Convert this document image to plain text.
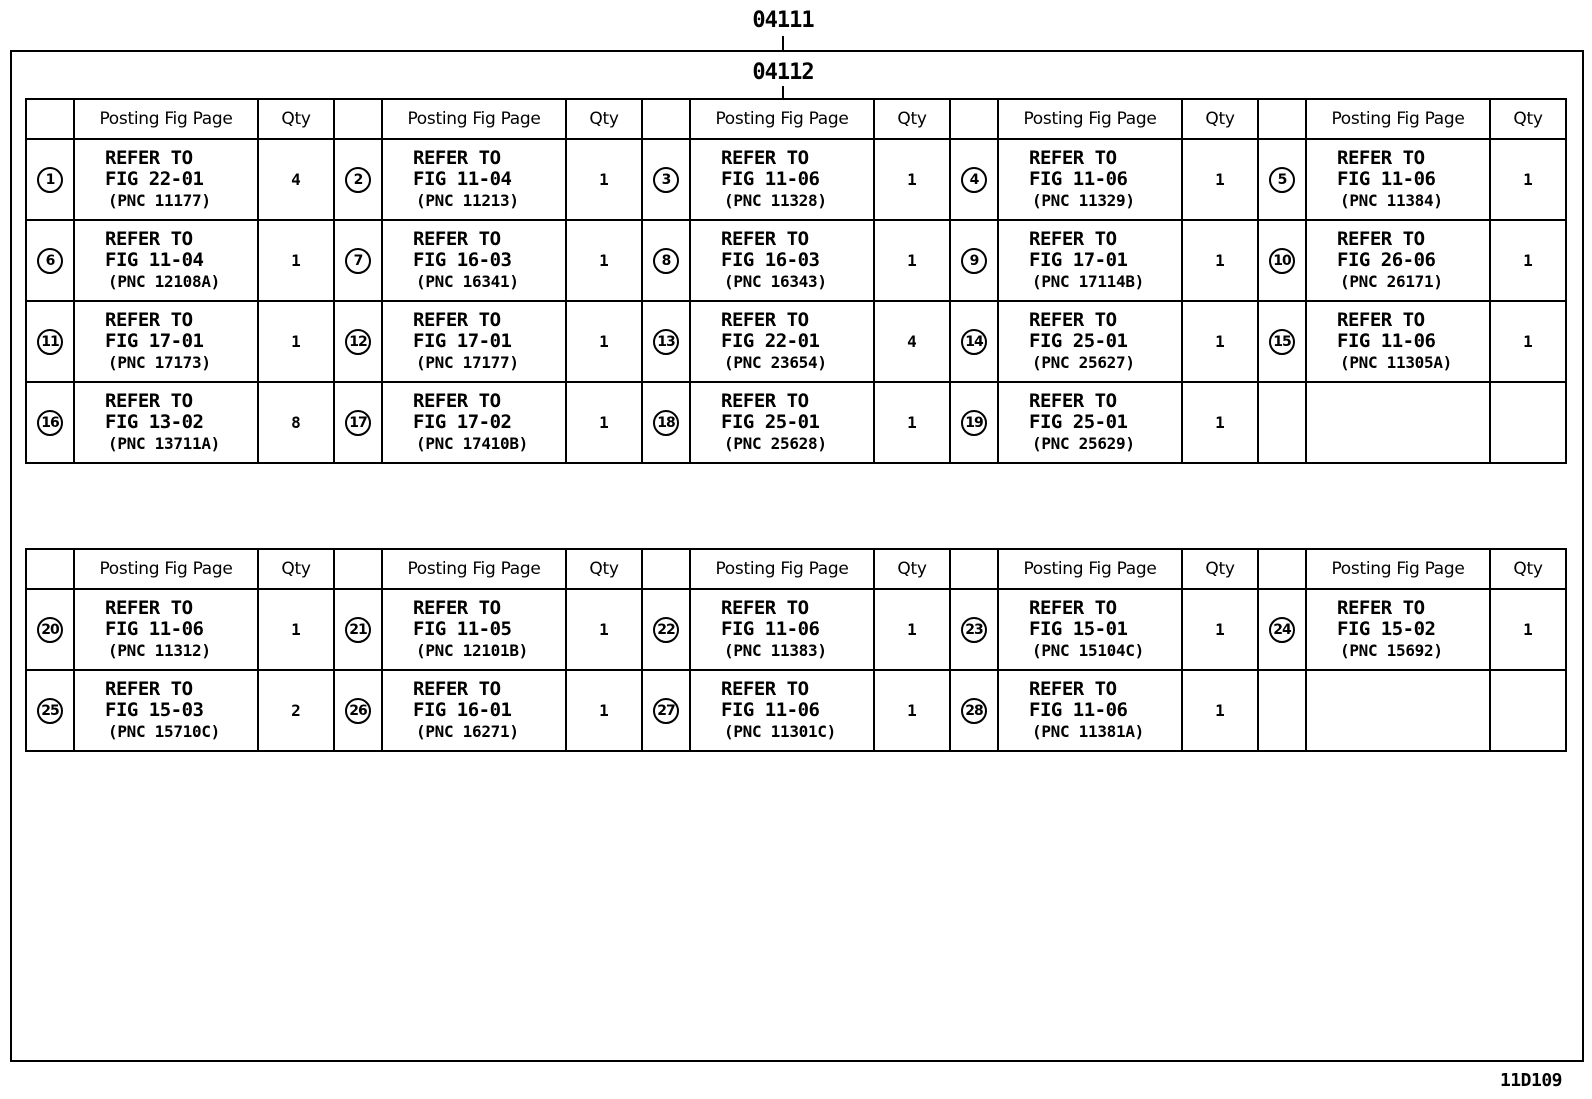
04111
04112
	Posting Fig Page	Qty		Posting Fig Page	Qty		Posting Fig Page	Qty		Posting Fig Page	Qty		Posting Fig Page	Qty
1	REFER TO
FIG 22-01
(PNC 11177)	4	2	REFER TO
FIG 11-04
(PNC 11213)	1	3	REFER TO
FIG 11-06
(PNC 11328)	1	4	REFER TO
FIG 11-06
(PNC 11329)	1	5	REFER TO
FIG 11-06
(PNC 11384)	1
6	REFER TO
FIG 11-04
(PNC 12108A)	1	7	REFER TO
FIG 16-03
(PNC 16341)	1	8	REFER TO
FIG 16-03
(PNC 16343)	1	9	REFER TO
FIG 17-01
(PNC 17114B)	1	10	REFER TO
FIG 26-06
(PNC 26171)	1
11	REFER TO
FIG 17-01
(PNC 17173)	1	12	REFER TO
FIG 17-01
(PNC 17177)	1	13	REFER TO
FIG 22-01
(PNC 23654)	4	14	REFER TO
FIG 25-01
(PNC 25627)	1	15	REFER TO
FIG 11-06
(PNC 11305A)	1
16	REFER TO
FIG 13-02
(PNC 13711A)	8	17	REFER TO
FIG 17-02
(PNC 17410B)	1	18	REFER TO
FIG 25-01
(PNC 25628)	1	19	REFER TO
FIG 25-01
(PNC 25629)	1			
	Posting Fig Page	Qty		Posting Fig Page	Qty		Posting Fig Page	Qty		Posting Fig Page	Qty		Posting Fig Page	Qty
20	REFER TO
FIG 11-06
(PNC 11312)	1	21	REFER TO
FIG 11-05
(PNC 12101B)	1	22	REFER TO
FIG 11-06
(PNC 11383)	1	23	REFER TO
FIG 15-01
(PNC 15104C)	1	24	REFER TO
FIG 15-02
(PNC 15692)	1
25	REFER TO
FIG 15-03
(PNC 15710C)	2	26	REFER TO
FIG 16-01
(PNC 16271)	1	27	REFER TO
FIG 11-06
(PNC 11301C)	1	28	REFER TO
FIG 11-06
(PNC 11381A)	1			
11D109
